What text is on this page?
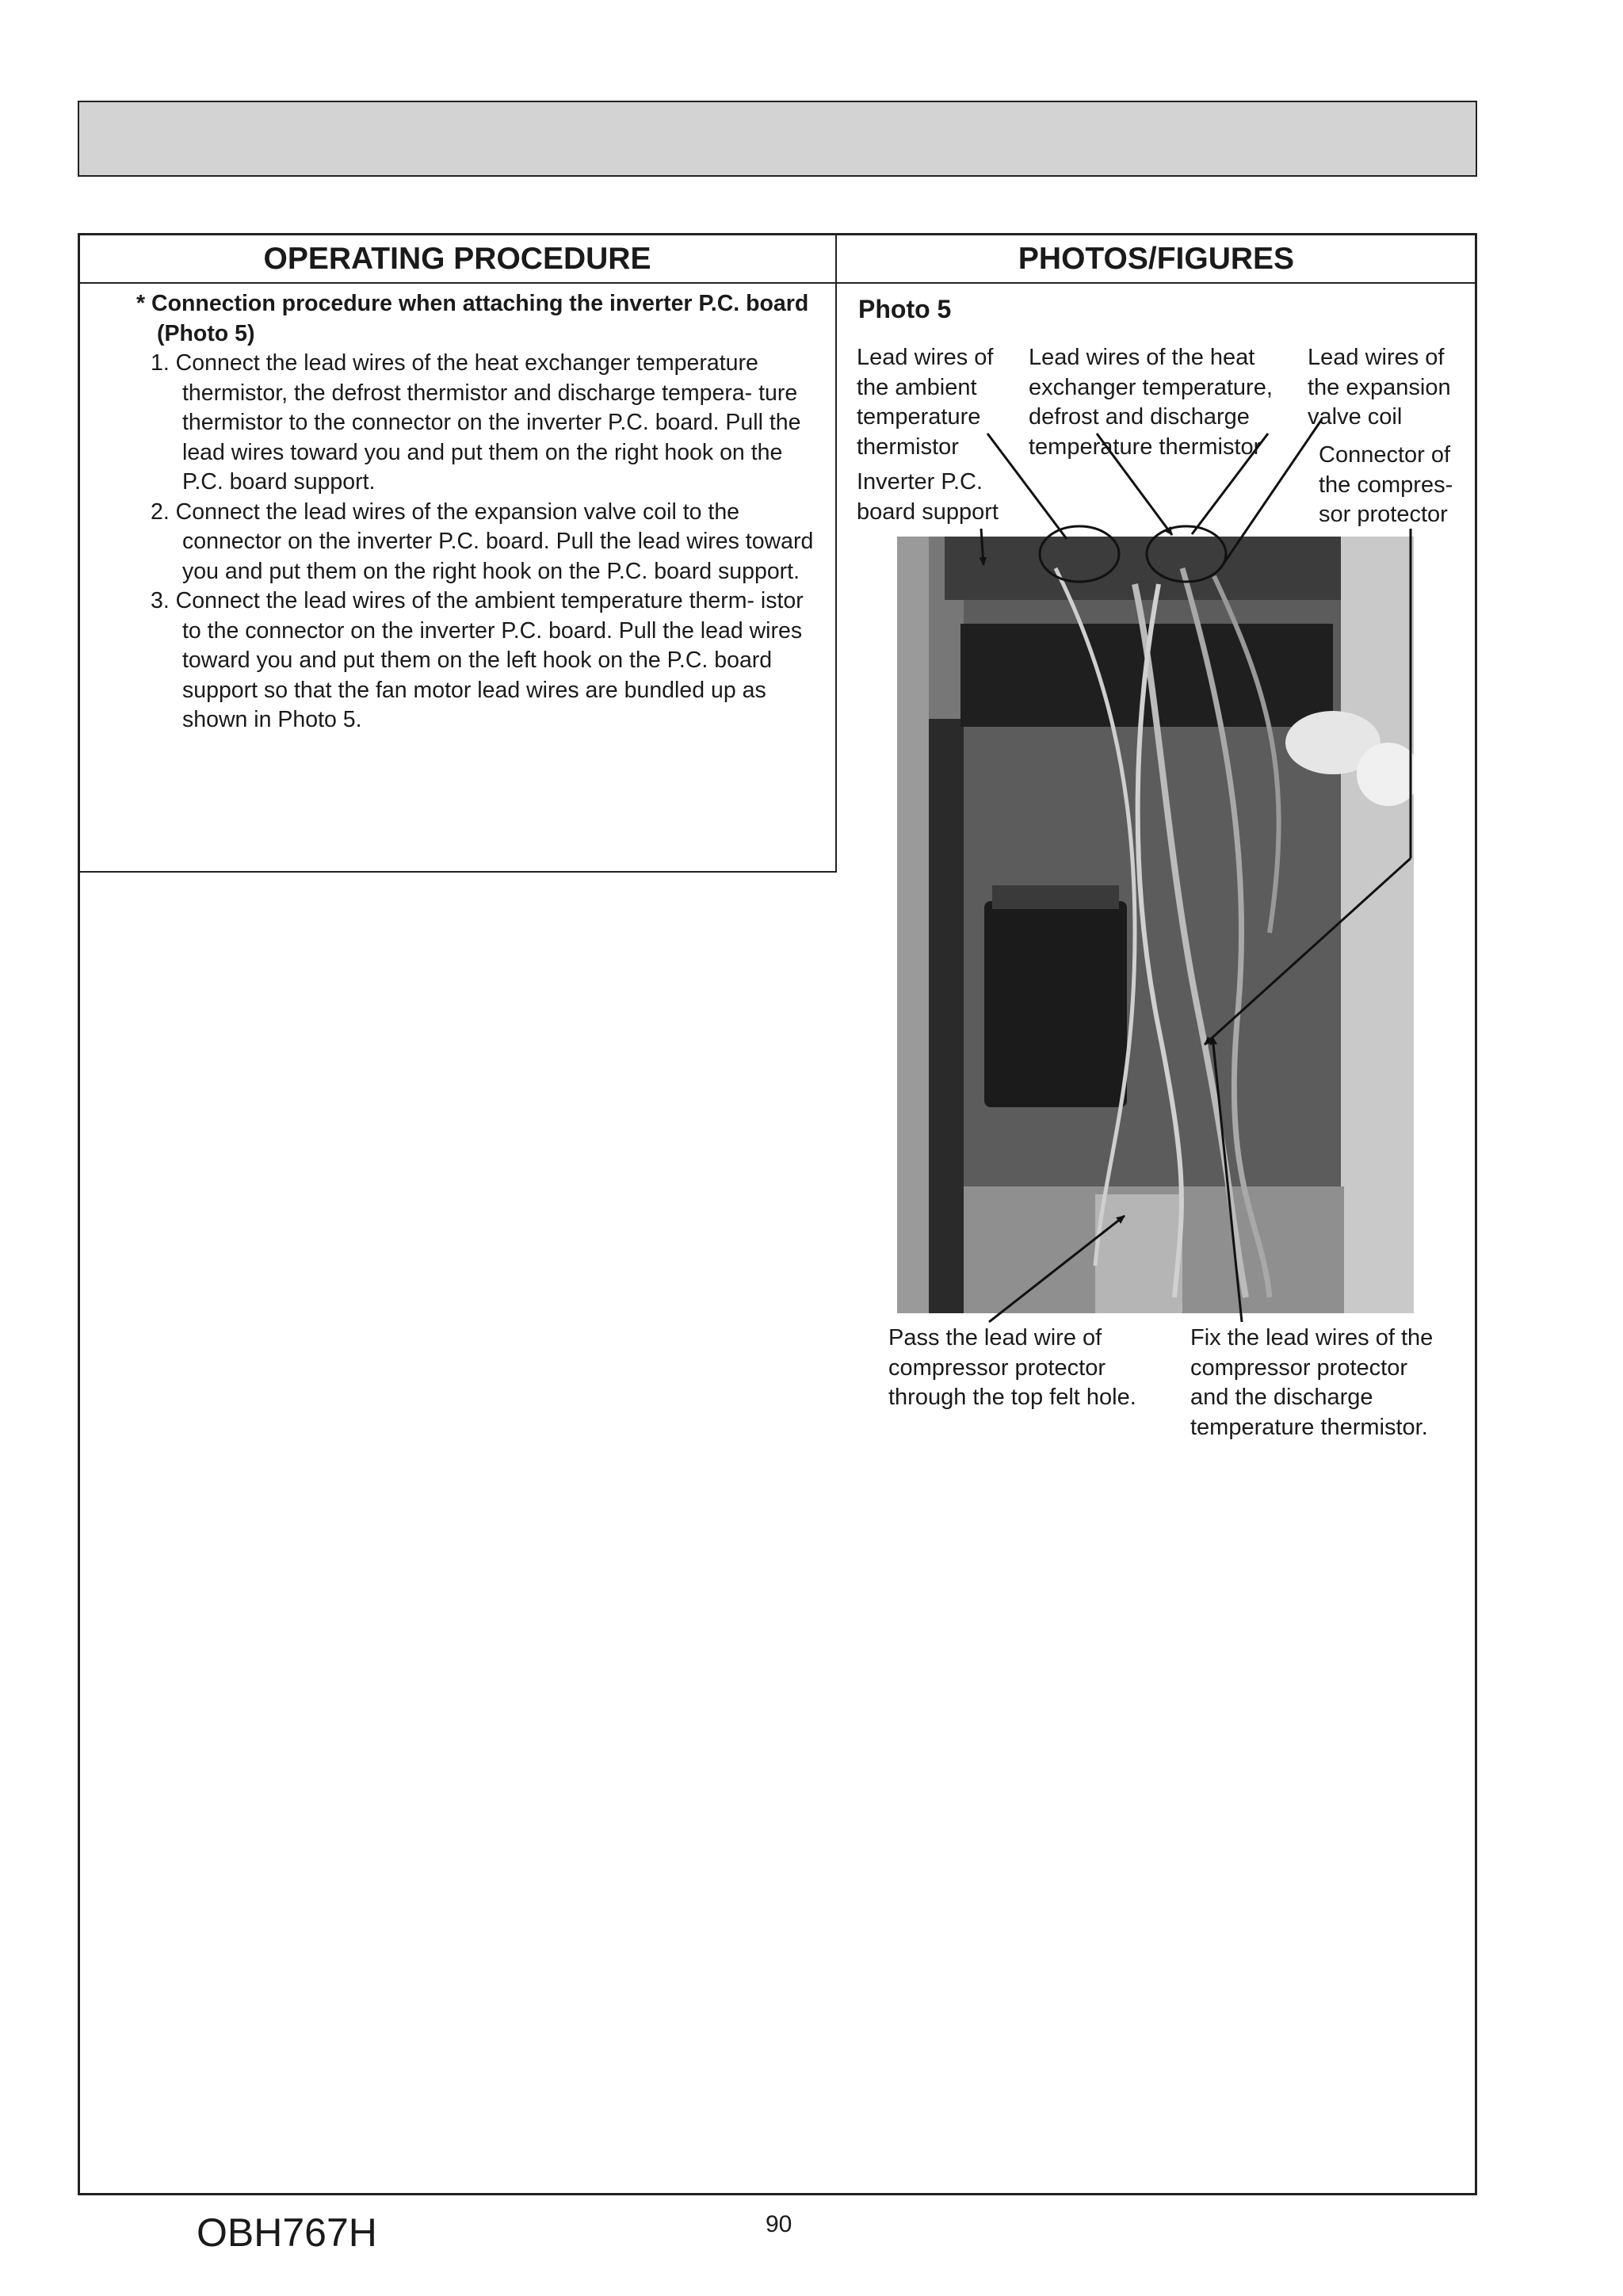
OPERATING PROCEDURE	PHOTOS/FIGURES

* Connection procedure when attaching the inverter P.C. board (Photo 5)

1. Connect the lead wires of the heat exchanger temperature thermistor, the defrost thermistor and discharge tempera- ture thermistor to the connector on the inverter P.C. board. Pull the lead wires toward you and put them on the right hook on the P.C. board support.

2. Connect the lead wires of the expansion valve coil to the connector on the inverter P.C. board. Pull the lead wires toward you and put them on the right hook on the P.C. board support.

3. Connect the lead wires of the ambient temperature therm- istor to the connector on the inverter P.C. board. Pull the lead wires toward you and put them on the left hook on the P.C. board support so that the fan motor lead wires are bundled up as shown in Photo 5.

Photo 5
Lead wires of
the ambient
temperature
thermistor
Lead wires of the heat
exchanger temperature,
defrost and discharge
temperature thermistor
Lead wires of
the expansion
valve coil
Connector of
the compres-
sor protector
Inverter P.C.
board support
Pass the lead wire of
compressor protector
through the top felt hole.
Fix the lead wires of the
compressor protector
and the discharge
temperature thermistor.
OBH767H	90
